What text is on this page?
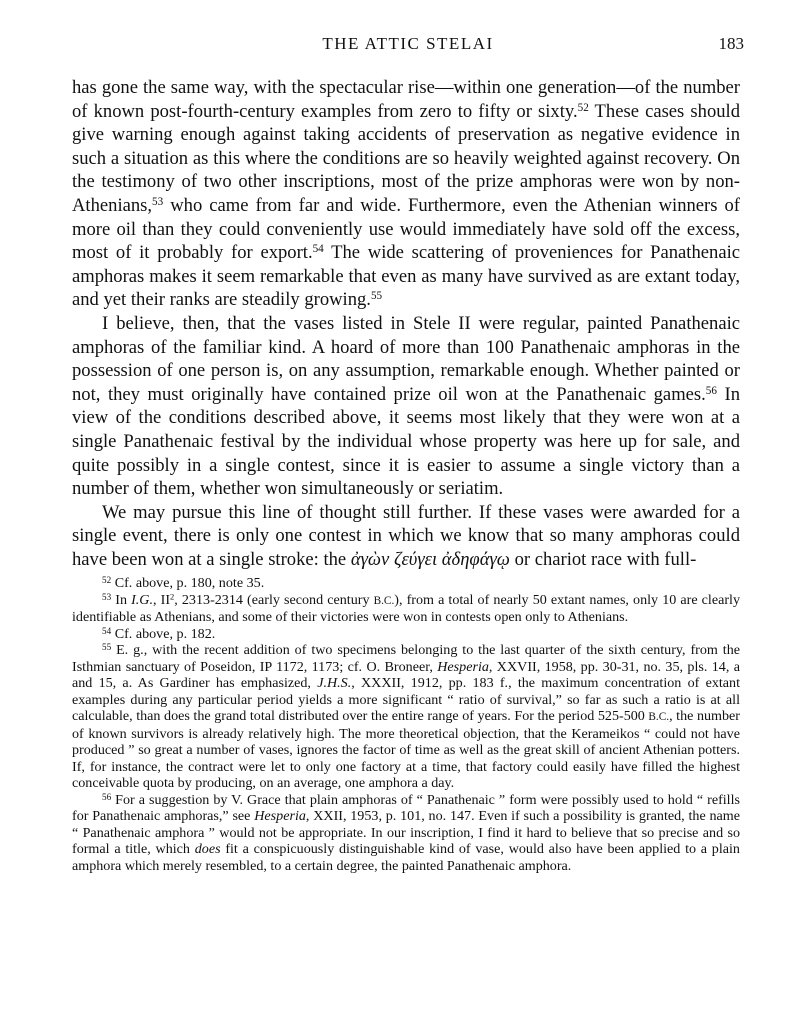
THE ATTIC STELAI	183

has gone the same way, with the spectacular rise—within one generation—of the number of known post-fourth-century examples from zero to fifty or sixty.$^{52}$ These cases should give warning enough against taking accidents of preservation as negative evidence in such a situation as this where the conditions are so heavily weighted against recovery. On the testimony of two other inscriptions, most of the prize amphoras were won by non-Athenians,$^{53}$ who came from far and wide. Furthermore, even the Athenian winners of more oil than they could conveniently use would immediately have sold off the excess, most of it probably for export.$^{54}$ The wide scattering of proveniences for Panathenaic amphoras makes it seem remarkable that even as many have survived as are extant today, and yet their ranks are steadily growing.$^{55}$

I believe, then, that the vases listed in Stele II were regular, painted Panathenaic amphoras of the familiar kind. A hoard of more than 100 Panathenaic amphoras in the possession of one person is, on any assumption, remarkable enough. Whether painted or not, they must originally have contained prize oil won at the Panathenaic games.$^{56}$ In view of the conditions described above, it seems most likely that they were won at a single Panathenaic festival by the individual whose property was here up for sale, and quite possibly in a single contest, since it is easier to assume a single victory than a number of them, whether won simultaneously or seriatim.

We may pursue this line of thought still further. If these vases were awarded for a single event, there is only one contest in which we know that so many amphoras could have been won at a single stroke: the ἀγὼν ζεύγει ἀδηφάγῳ or chariot race with full-

$^{52}$ Cf. above, p. 180, note 35.

$^{53}$ In I.G., $II^2$, 2313-2314 (early second century B.C.), from a total of nearly 50 extant names, only 10 are clearly identifiable as Athenians, and some of their victories were won in contests open only to Athenians.

$^{54}$ Cf. above, p. 182.

$^{55}$ E. g., with the recent addition of two specimens belonging to the last quarter of the sixth century, from the Isthmian sanctuary of Poseidon, IP 1172, 1173; cf. O. Broneer, Hesperia, XXVII, 1958, pp. 30-31, no. 35, pls. 14, a and 15, a. As Gardiner has emphasized, J.H.S., XXXII, 1912, pp. 183 f., the maximum concentration of extant examples during any particular period yields a more significant “ ratio of survival,” so far as such a ratio is at all calculable, than does the grand total distributed over the entire range of years. For the period 525-500 B.C., the number of known survivors is already relatively high. The more theoretical objection, that the Kerameikos “ could not have produced ” so great a number of vases, ignores the factor of time as well as the great skill of ancient Athenian potters. If, for instance, the contract were let to only one factory at a time, that factory could easily have filled the highest conceivable quota by producing, on an average, one amphora a day.

$^{56}$ For a suggestion by V. Grace that plain amphoras of “ Panathenaic ” form were possibly used to hold “ refills for Panathenaic amphoras,” see Hesperia, XXII, 1953, p. 101, no. 147. Even if such a possibility is granted, the name “ Panathenaic amphora ” would not be appropriate. In our inscription, I find it hard to believe that so precise and so formal a title, which does fit a conspicuously distinguishable kind of vase, would also have been applied to a plain amphora which merely resembled, to a certain degree, the painted Panathenaic amphora.
